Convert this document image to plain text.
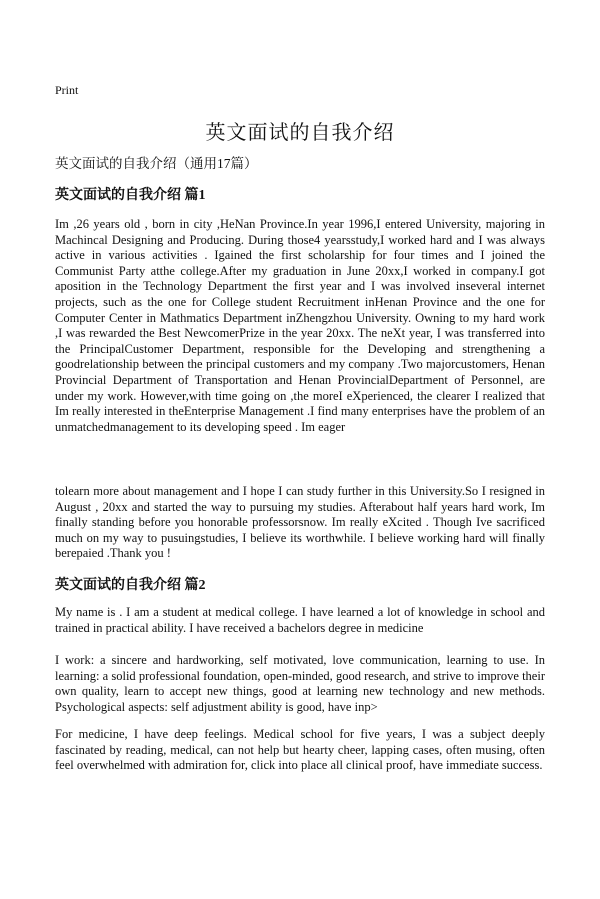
Print
英文面试的自我介绍
英文面试的自我介绍（通用17篇）
英文面试的自我介绍 篇1

Im ,26 years old , born in city ,HeNan Province.In year 1996,I entered University, majoring in Machincal Designing and Producing. During those4 yearsstudy,I worked hard and I was always active in various activities . Igained the first scholarship for four times and I joined the Communist Party atthe college.After my graduation in June 20xx,I worked in company.I got aposition in the Technology Department the first year and I was involved inseveral internet projects, such as the one for College student Recruitment inHenan Province and the one for Computer Center in Mathmatics Department inZhengzhou University. Owning to my hard work ,I was rewarded the Best NewcomerPrize in the year 20xx. The neXt year, I was transferred into the PrincipalCustomer Department, responsible for the Developing and strengthening a goodrelationship between the principal customers and my company .Two majorcustomers, Henan Provincial Department of Transportation and Henan ProvincialDepartment of Personnel, are under my work. However,with time going on ,the moreI eXperienced, the clearer I realized that Im really interested in theEnterprise Management .I find many enterprises have the problem of an unmatchedmanagement to its developing speed . Im eager

tolearn more about management and I hope I can study further in this University.So I resigned in August , 20xx and started the way to pursuing my studies. Afterabout half years hard work, Im finally standing before you honorable professorsnow. Im really eXcited . Though Ive sacrificed much on my way to pusuingstudies, I believe its worthwhile. I believe working hard will finally berepaied .Thank you !

英文面试的自我介绍 篇2

My name is . I am a student at medical college. I have learned a lot of knowledge in school and trained in practical ability. I have received a bachelors degree in medicine

I work: a sincere and hardworking, self motivated, love communication, learning to use. In learning: a solid professional foundation, open-minded, good research, and strive to improve their own quality, learn to accept new things, good at learning new technology and new methods. Psychological aspects: self adjustment ability is good, have inp>

For medicine, I have deep feelings. Medical school for five years, I was a subject deeply fascinated by reading, medical, can not help but hearty cheer, lapping cases, often musing, often feel overwhelmed with admiration for, click into place all clinical proof, have immediate success.
